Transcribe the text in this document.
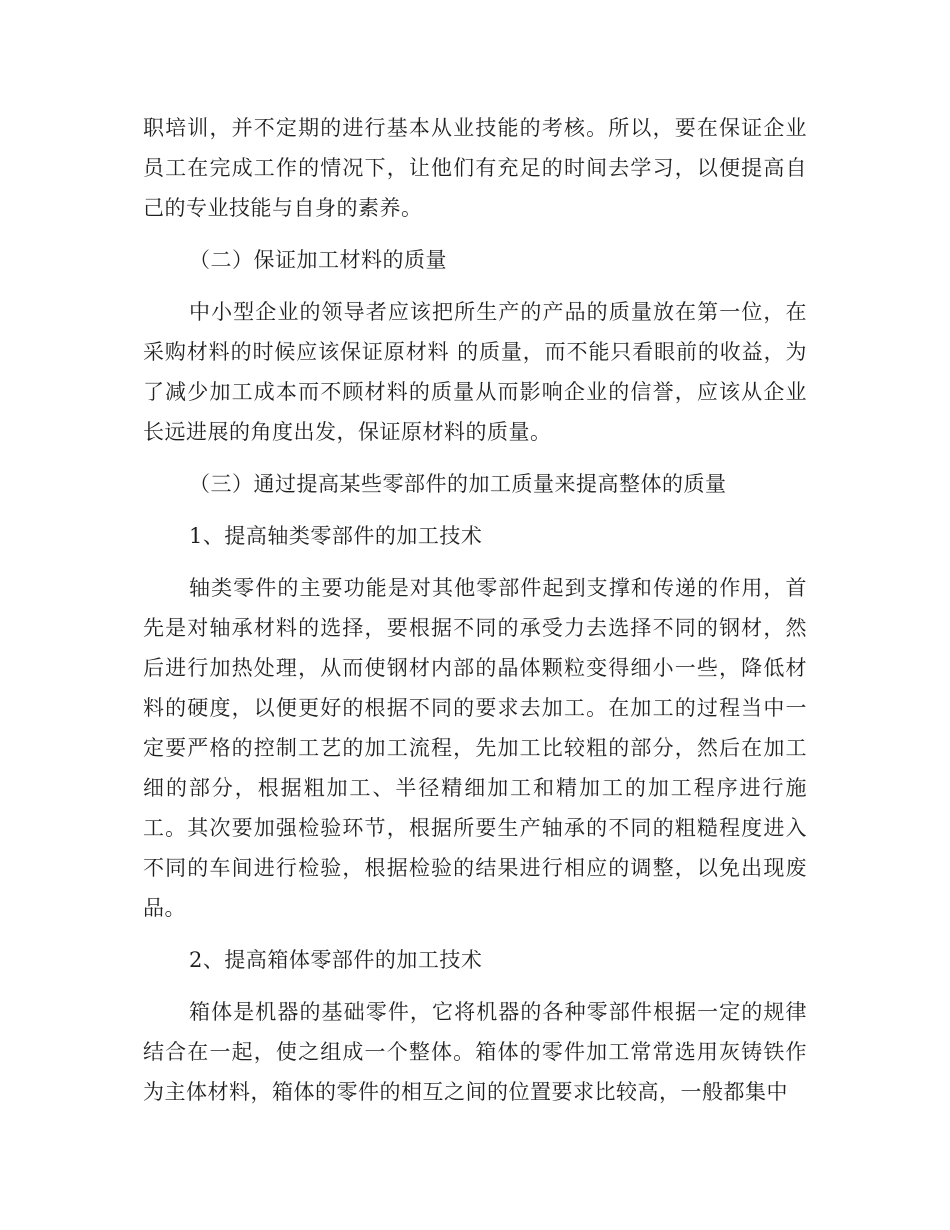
职培训，并不定期的进行基本从业技能的考核。所以，要在保证企业员工在完成工作的情况下，让他们有充足的时间去学习，以便提高自己的专业技能与自身的素养。

（二）保证加工材料的质量

中小型企业的领导者应该把所生产的产品的质量放在第一位，在采购材料的时候应该保证原材料 的质量，而不能只看眼前的收益，为了减少加工成本而不顾材料的质量从而影响企业的信誉，应该从企业长远进展的角度出发，保证原材料的质量。

（三）通过提高某些零部件的加工质量来提高整体的质量

1、提高轴类零部件的加工技术

轴类零件的主要功能是对其他零部件起到支撑和传递的作用，首先是对轴承材料的选择，要根据不同的承受力去选择不同的钢材，然后进行加热处理，从而使钢材内部的晶体颗粒变得细小一些，降低材料的硬度，以便更好的根据不同的要求去加工。在加工的过程当中一定要严格的控制工艺的加工流程，先加工比较粗的部分，然后在加工细的部分，根据粗加工、半径精细加工和精加工的加工程序进行施工。其次要加强检验环节，根据所要生产轴承的不同的粗糙程度进入不同的车间进行检验，根据检验的结果进行相应的调整，以免出现废品。

2、提高箱体零部件的加工技术

箱体是机器的基础零件，它将机器的各种零部件根据一定的规律结合在一起，使之组成一个整体。箱体的零件加工常常选用灰铸铁作为主体材料，箱体的零件的相互之间的位置要求比较高，一般都集中
